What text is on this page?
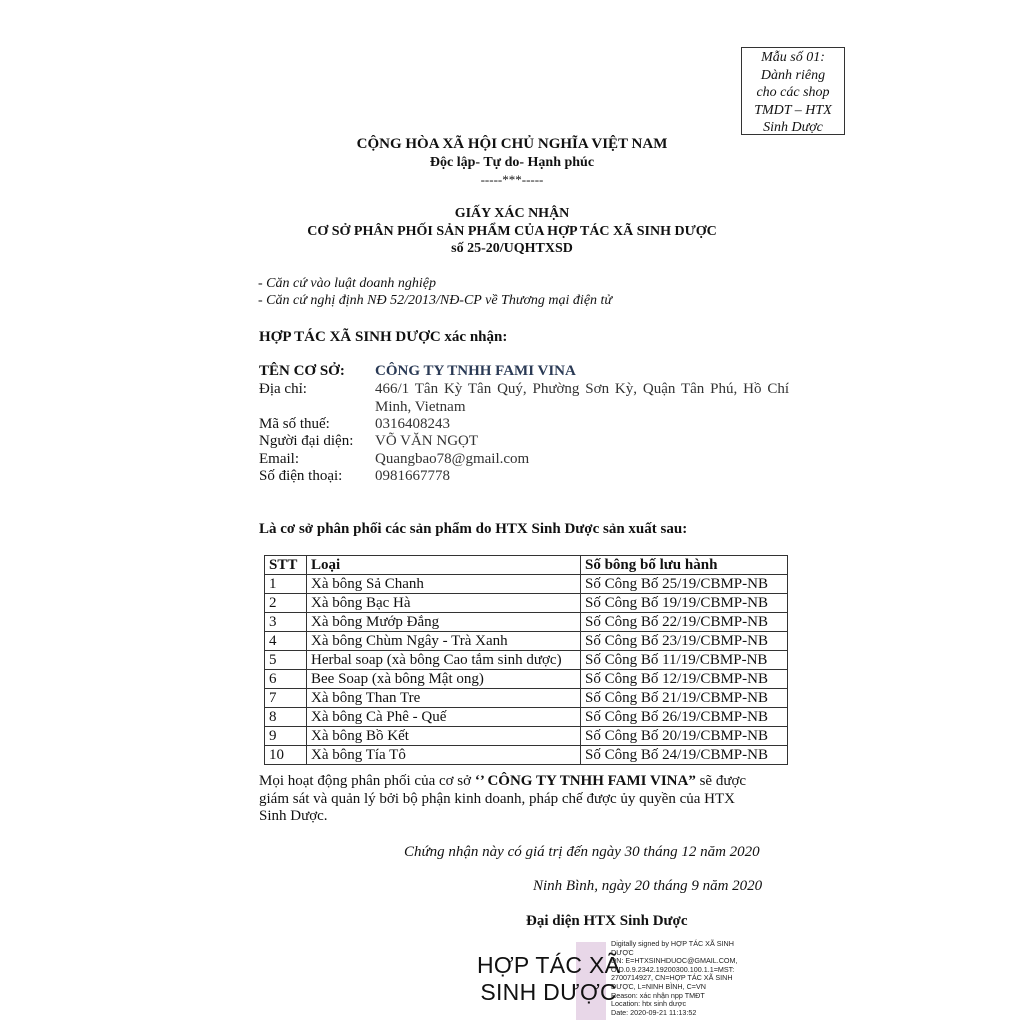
Mẫu số 01:
Dành riêng
cho các shop
TMDT – HTX
Sinh Dược
CỘNG HÒA XÃ HỘI CHỦ NGHĨA VIỆT NAM
Độc lập- Tự do- Hạnh phúc
-----***-----
GIẤY XÁC NHẬN
CƠ SỞ PHÂN PHỐI SẢN PHẨM CỦA HỢP TÁC XÃ SINH DƯỢC
số 25-20/UQHTXSD
- Căn cứ vào luật doanh nghiệp
- Căn cứ nghị định NĐ 52/2013/NĐ-CP về Thương mại điện tử
HỢP TÁC XÃ SINH DƯỢC xác nhận:
TÊN CƠ SỞ: CÔNG TY TNHH FAMI VINA
Địa chỉ:	466/1 Tân Kỳ Tân Quý, Phường Sơn Kỳ, Quận Tân Phú, Hồ Chí
Minh, Vietnam
Mã số thuế:	0316408243
Người đại diện: VÕ VĂN NGỌT
Email:	Quangbao78@gmail.com
Số điện thoại: 0981667778
Là cơ sở phân phối các sản phẩm do HTX Sinh Dược sản xuất sau:
STT	Loại	Số bông bố lưu hành
1	Xà bông Sả Chanh	Số Công Bố 25/19/CBMP-NB
2	Xà bông Bạc Hà	Số Công Bố 19/19/CBMP-NB
3	Xà bông Mướp Đắng	Số Công Bố 22/19/CBMP-NB
4	Xà bông Chùm Ngây - Trà Xanh	Số Công Bố 23/19/CBMP-NB
5	Herbal soap (xà bông Cao tắm sinh dược)	Số Công Bố 11/19/CBMP-NB
6	Bee Soap (xà bông Mật ong)	Số Công Bố 12/19/CBMP-NB
7	Xà bông Than Tre	Số Công Bố 21/19/CBMP-NB
8	Xà bông Cà Phê - Quế	Số Công Bố 26/19/CBMP-NB
9	Xà bông Bồ Kết	Số Công Bố 20/19/CBMP-NB
10	Xà bông Tía Tô	Số Công Bố 24/19/CBMP-NB
Mọi hoạt động phân phối của cơ sở ‘’ CÔNG TY TNHH FAMI VINA” sẽ được
giám sát và quản lý bởi bộ phận kinh doanh, pháp chế được ủy quyền của HTX
Sinh Dược.
Chứng nhận này có giá trị đến ngày 30 tháng 12 năm 2020
Ninh Bình, ngày 20 tháng 9 năm 2020
Đại diện HTX Sinh Dược
HỢP TÁC XÃ
SINH DƯỢC
Digitally signed by HỢP TÁC XÃ SINH
DƯỢC
DN: E=HTXSINHDUOC@GMAIL.COM,
OID.0.9.2342.19200300.100.1.1=MST:
2700714927, CN=HỢP TÁC XÃ SINH
DƯỢC, L=NINH BÌNH, C=VN
Reason: xác nhận npp TMĐT
Location: htx sinh dược
Date: 2020-09-21 11:13:52
